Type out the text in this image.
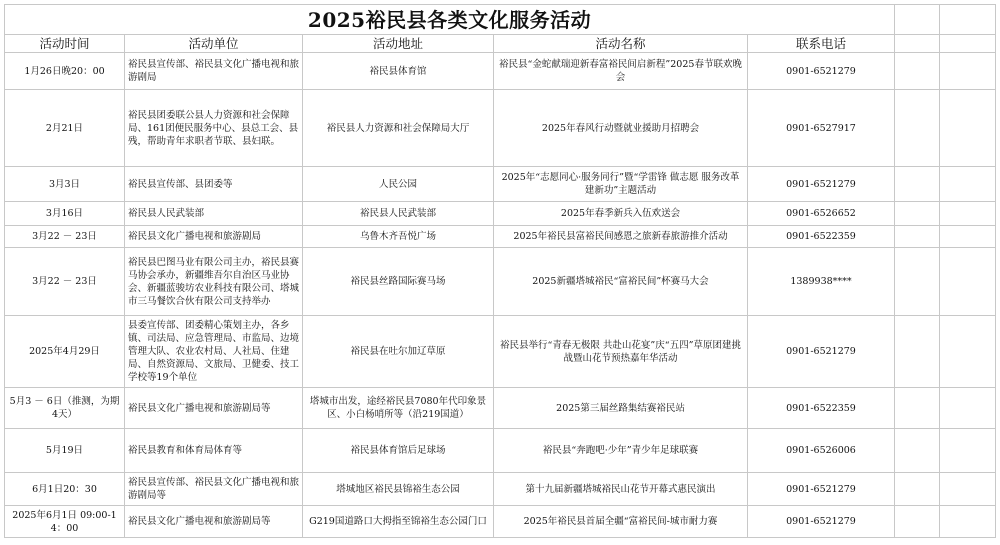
2025裕民县各类文化服务活动						
活动时间	活动单位	活动地址	活动名称	联系电话		
1月26日晚20：00	裕民县宣传部、裕民县文化广播电视和旅游剧局	裕民县体育馆	裕民县“金蛇献瑞迎新春富裕民间启新程”2025春节联欢晚会	0901-6521279		
2月21日	裕民县团委联公县人力资源和社会保障局、161团便民服务中心、县总工会、县残，帮助青年求职者节联、县妇联。	裕民县人力资源和社会保障局大厅	2025年春风行动暨就业援助月招聘会	0901-6527917		
3月3日	裕民县宣传部、县团委等	人民公园	2025年“志愿同心·服务同行”暨“学雷锋 做志愿 服务改革建新功”主题活动	0901-6521279		
3月16日	裕民县人民武装部	裕民县人民武装部	2025年春季新兵入伍欢送会	0901-6526652		
3月22 － 23日	裕民县文化广播电视和旅游剧局	乌鲁木齐吾悦广场	2025年裕民县富裕民间感恩之旅新春旅游推介活动	0901-6522359		
3月22 － 23日	裕民县巴图马业有限公司主办，裕民县赛马协会承办，新疆维吾尔自治区马业协会、新疆蓝骏坊农业科技有限公司、塔城市三马餐饮合伙有限公司支持举办	裕民县丝路国际赛马场	2025新疆塔城裕民“富裕民间”杯赛马大会	1389938****		
2025年4月29日	县委宣传部、团委精心策划主办，各乡镇、司法局、应急管理局、市监局、边境管理大队、农业农村局、人社局、住建局、自然资源局、文旅局、卫健委、技工学校等19个单位	裕民县在吐尔加辽草原	裕民县举行“青春无极限 共赴山花宴”庆“五四”草原团建挑战暨山花节预热嘉年华活动	0901-6521279		
5月3 － 6日（推测，为期4天）	裕民县文化广播电视和旅游剧局等	塔城市出发，途经裕民县7080年代印象景区、小白杨哨所等（沿219国道）	2025第三届丝路集结赛裕民站	0901-6522359		
5月19日	裕民县教育和体育局体育等	裕民县体育馆后足球场	裕民县“奔跑吧·少年”青少年足球联赛	0901-6526006		
6月1日20：30	裕民县宣传部、裕民县文化广播电视和旅游剧局等	塔城地区裕民县锦裕生态公园	第十九届新疆塔城裕民山花节开幕式惠民演出	0901-6521279		
2025年6月1日 09:00-14：00	裕民县文化广播电视和旅游剧局等	G219国道路口大拇指至锦裕生态公园门口	2025年裕民县首届全疆“富裕民间-城市耐力赛	0901-6521279		
